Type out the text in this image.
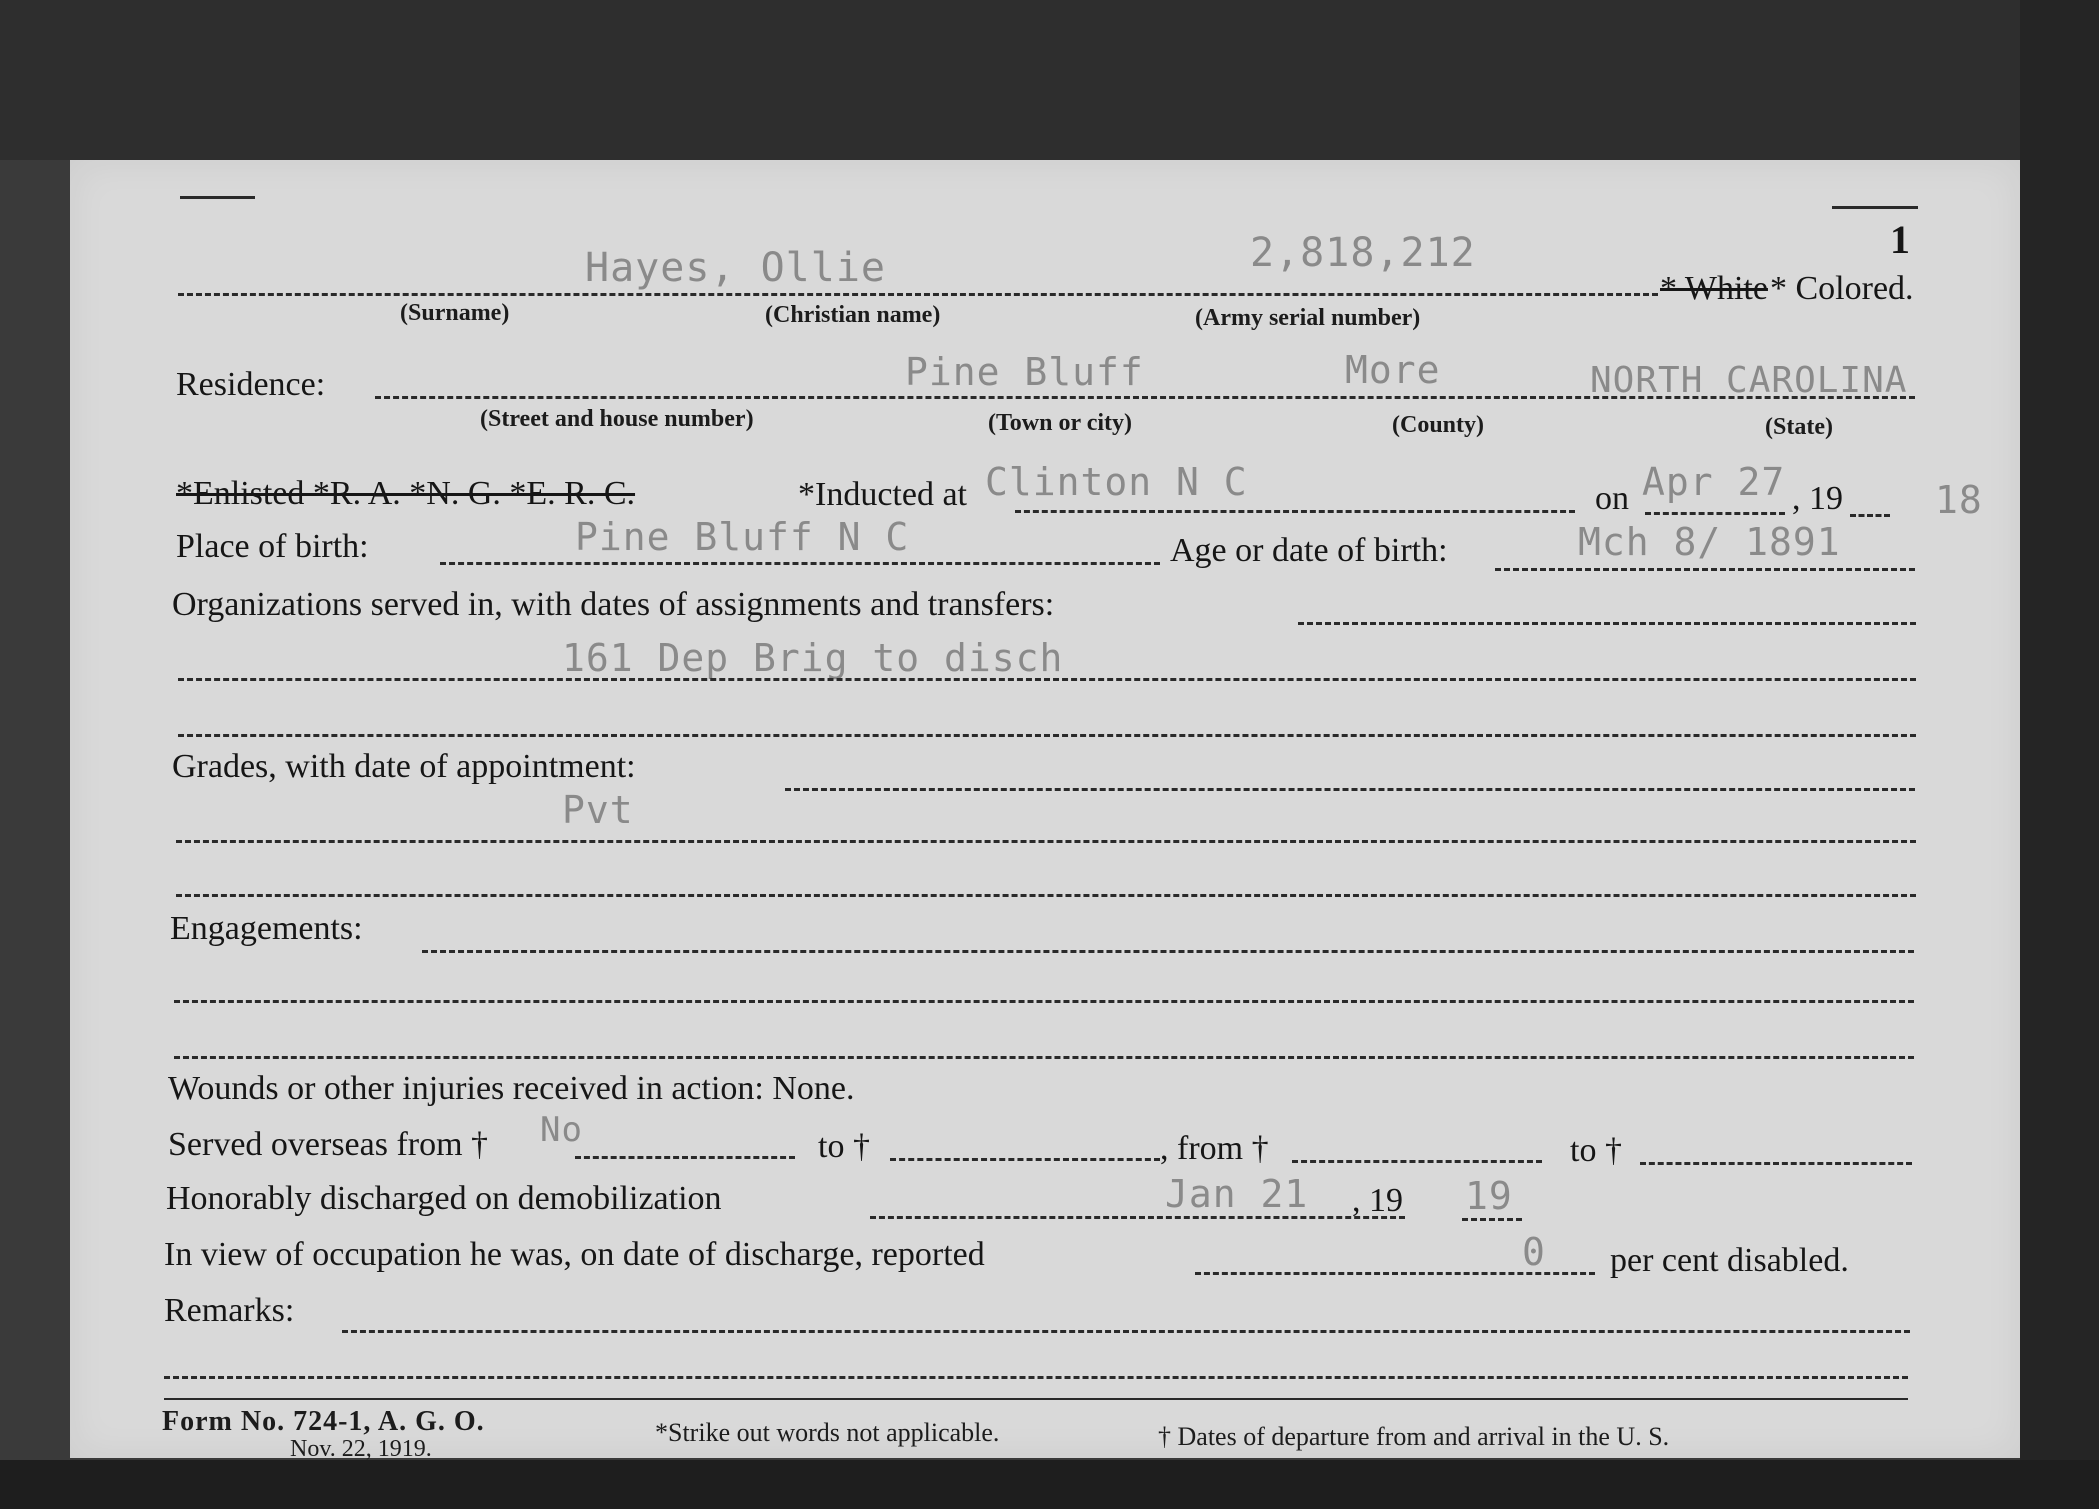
1
Hayes, Ollie	2,818,212
* White * Colored.
(Surname)	(Christian name)	(Army serial number)
Residence:	Pine Bluff	More	NORTH CAROLINA
(Street and house number)	(Town or city)	(County)	(State)
*Enlisted *R. A. *N. G. *E. R. C.	*Inducted at Clinton N C	on Apr 27 , 19 18
Place of birth:	Pine Bluff N C	Age or date of birth:	Mch 8/ 1891
Organizations served in, with dates of assignments and transfers:
161 Dep Brig to disch
Grades, with date of appointment:
Pvt
Engagements:
Wounds or other injuries received in action: None.
Served overseas from † No	to †	, from †	to †
Honorably discharged on demobilization	Jan 21 , 19 19
In view of occupation he was, on date of discharge, reported	0 per cent disabled.
Remarks:
Form No. 724-1, A. G. O.
Nov. 22, 1919.
*Strike out words not applicable.	† Dates of departure from and arrival in the U. S.
